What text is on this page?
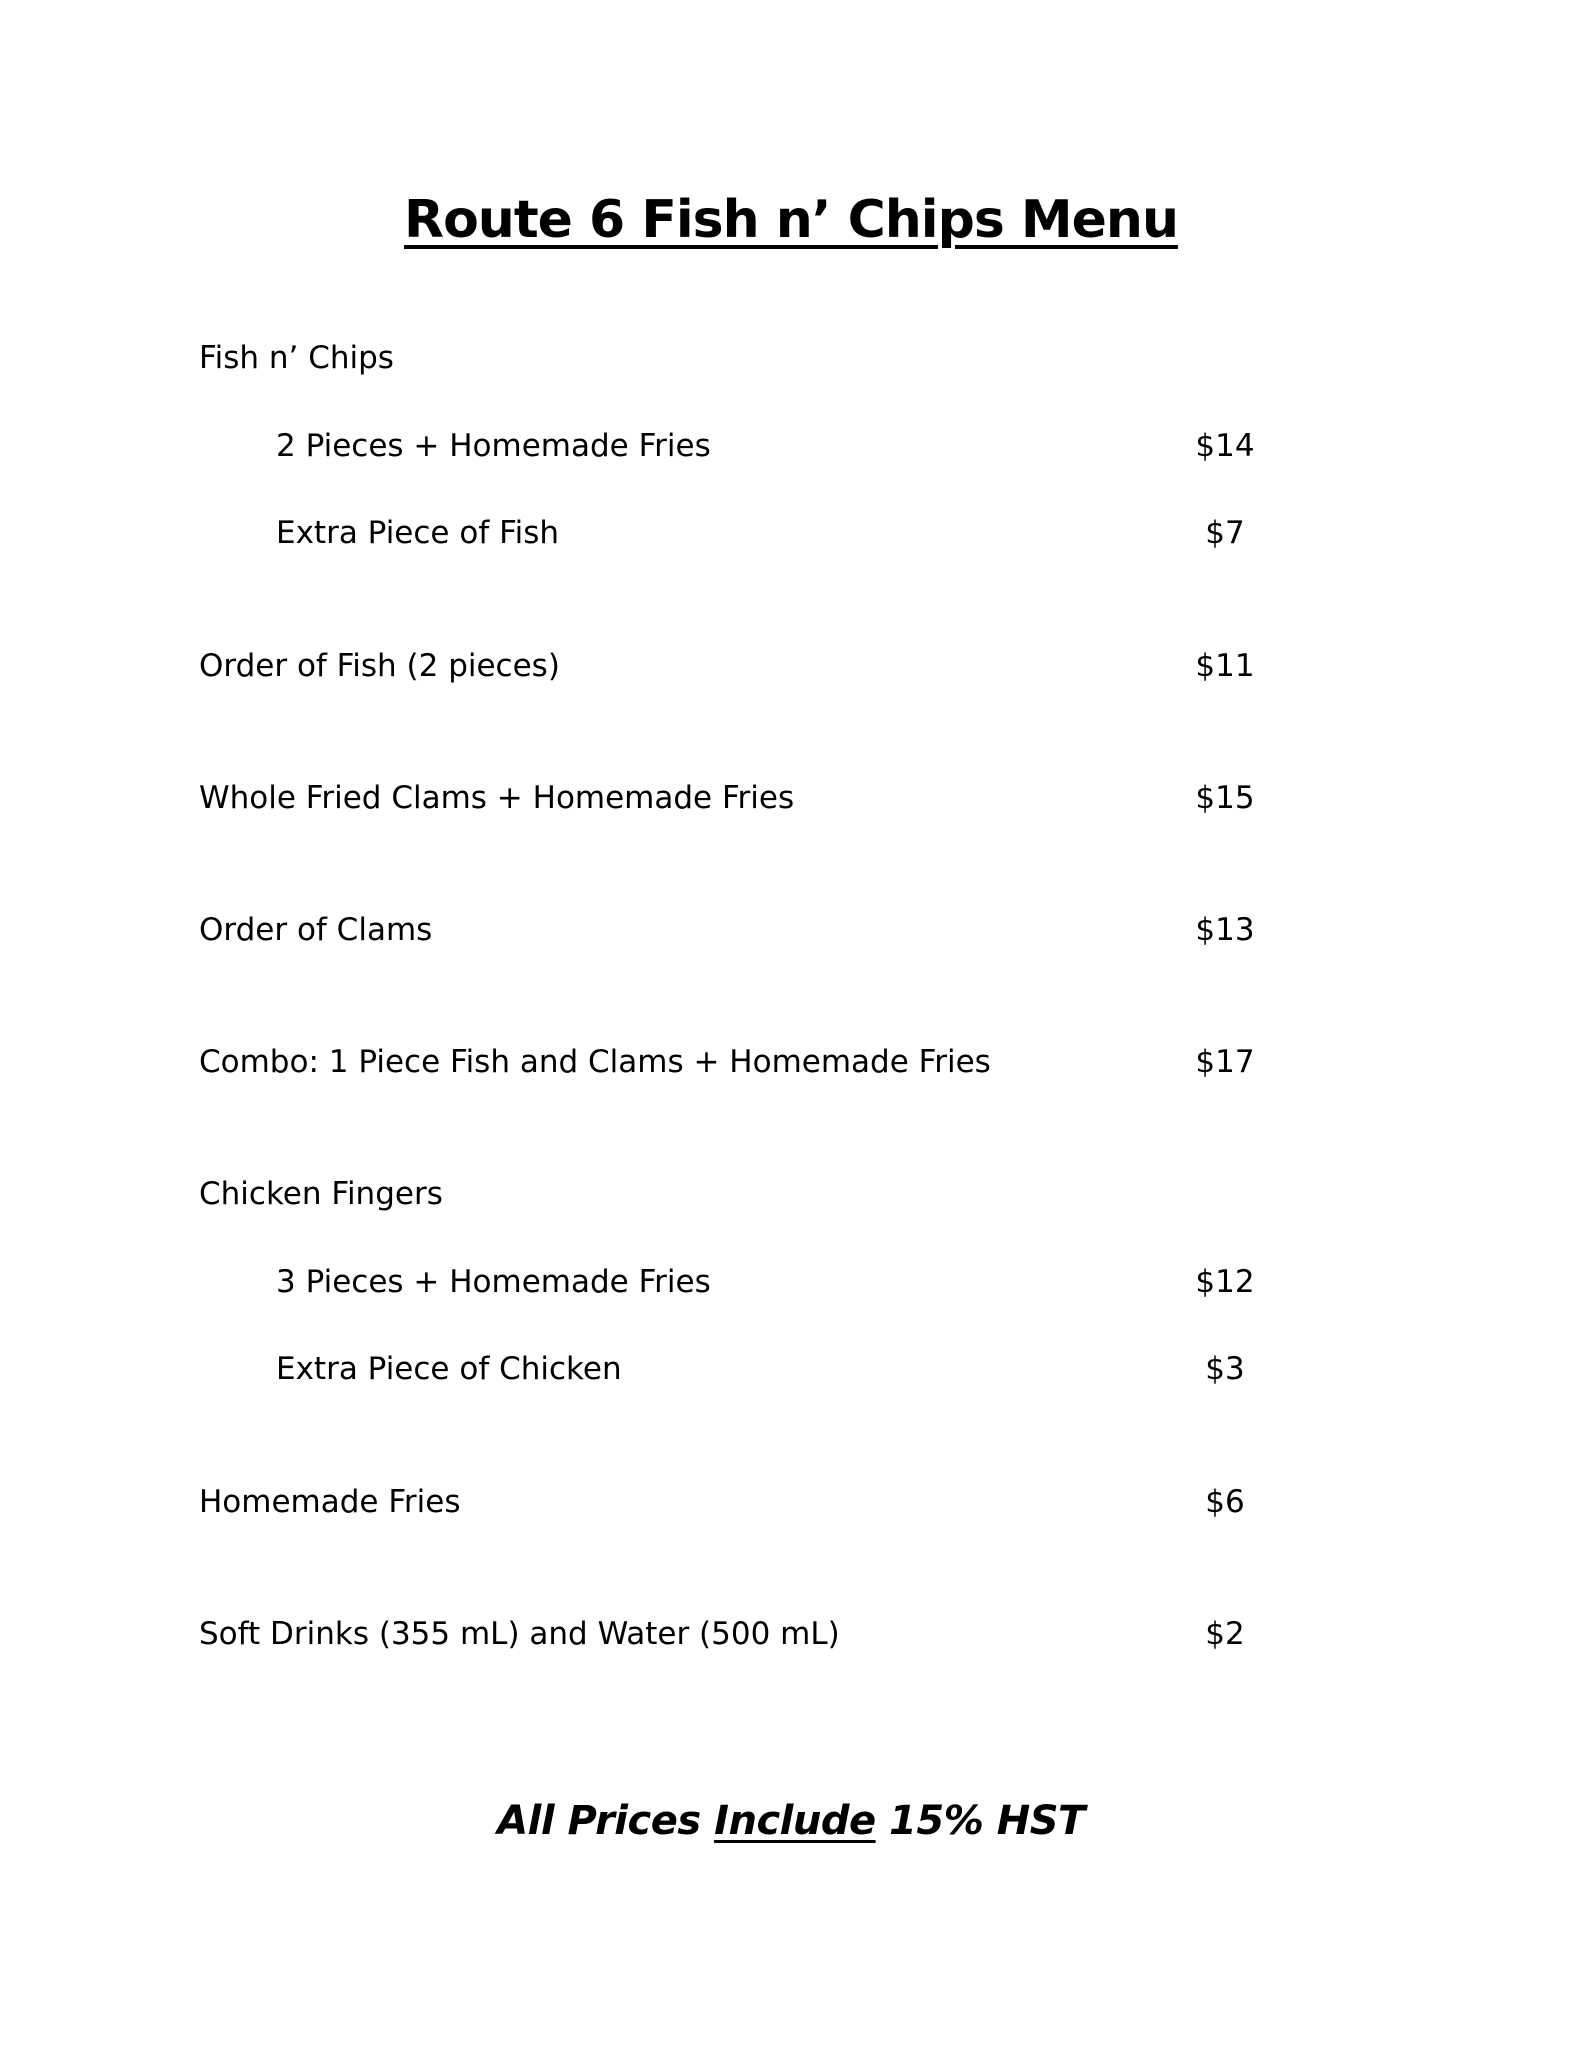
Route 6 Fish n’ Chips Menu
Fish n’ Chips
2 Pieces + Homemade Fries	$14
Extra Piece of Fish	$7
Order of Fish (2 pieces)	$11
Whole Fried Clams + Homemade Fries	$15
Order of Clams	$13
Combo: 1 Piece Fish and Clams + Homemade Fries	$17
Chicken Fingers
3 Pieces + Homemade Fries	$12
Extra Piece of Chicken	$3
Homemade Fries	$6
Soft Drinks (355 mL) and Water (500 mL)	$2
All Prices Include 15% HST
